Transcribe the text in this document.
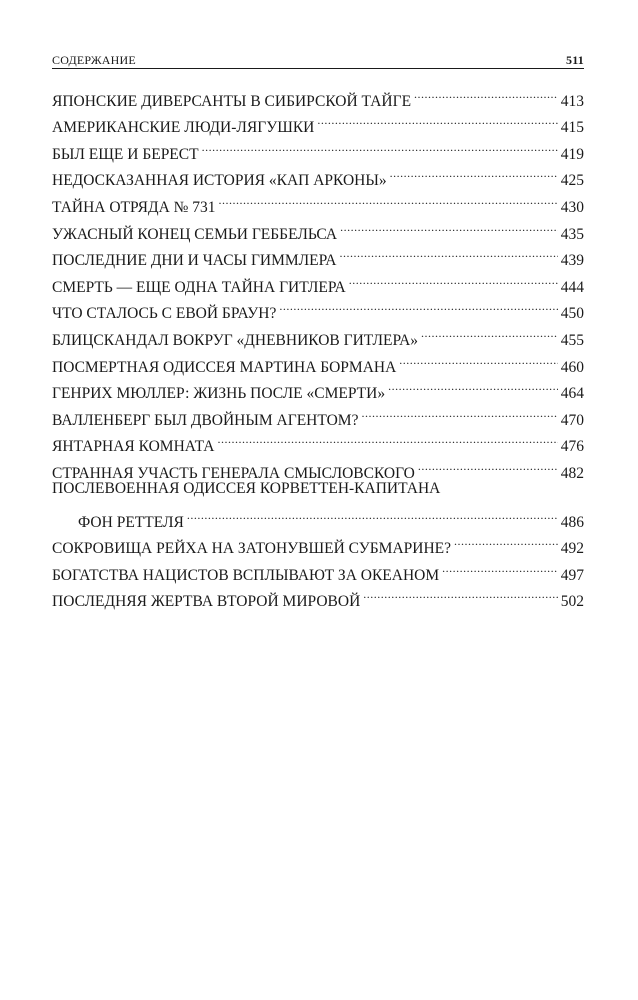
СОДЕРЖАНИЕ	511
ЯПОНСКИЕ ДИВЕРСАНТЫ В СИБИРСКОЙ ТАЙГЕ .....	413
АМЕРИКАНСКИЕ ЛЮДИ-ЛЯГУШКИ .....	415
БЫЛ ЕЩЕ И БЕРЕСТ .....	419
НЕДОСКАЗАННАЯ ИСТОРИЯ «КАП АРКОНЫ» .....	425
ТАЙНА ОТРЯДА № 731 .....	430
УЖАСНЫЙ КОНЕЦ СЕМЬИ ГЕББЕЛЬСА .....	435
ПОСЛЕДНИЕ ДНИ И ЧАСЫ ГИММЛЕРА .....	439
СМЕРТЬ — ЕЩЕ ОДНА ТАЙНА ГИТЛЕРА .....	444
ЧТО СТАЛОСЬ С ЕВОЙ БРАУН? .....	450
БЛИЦСКАНДАЛ ВОКРУГ «ДНЕВНИКОВ ГИТЛЕРА» .....	455
ПОСМЕРТНАЯ ОДИССЕЯ МАРТИНА БОРМАНА .....	460
ГЕНРИХ МЮЛЛЕР: ЖИЗНЬ ПОСЛЕ «СМЕРТИ» .....	464
ВАЛЛЕНБЕРГ БЫЛ ДВОЙНЫМ АГЕНТОМ? .....	470
ЯНТАРНАЯ КОМНАТА .....	476
СТРАННАЯ УЧАСТЬ ГЕНЕРАЛА СМЫСЛОВСКОГО .....	482
ПОСЛЕВОЕННАЯ ОДИССЕЯ КОРВЕТТЕН-КАПИТАНА
ФОН РЕТТЕЛЯ .....	486
СОКРОВИЩА РЕЙХА НА ЗАТОНУВШЕЙ СУБМАРИНЕ? .....	492
БОГАТСТВА НАЦИСТОВ ВСПЛЫВАЮТ ЗА ОКЕАНОМ .....	497
ПОСЛЕДНЯЯ ЖЕРТВА ВТОРОЙ МИРОВОЙ .....	502
